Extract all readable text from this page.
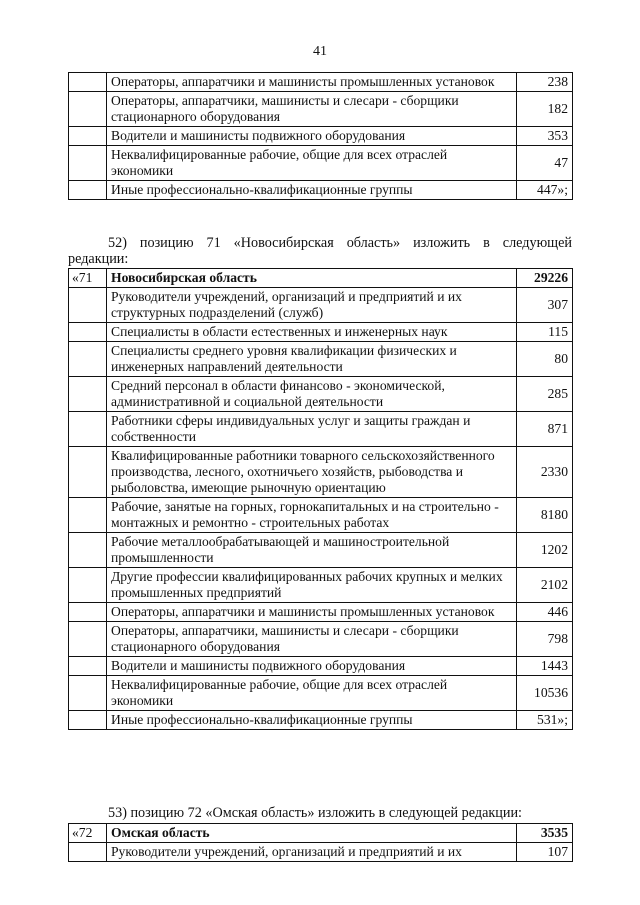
41
	Операторы, аппаратчики и машинисты промышленных установок	238
	Операторы, аппаратчики, машинисты и слесари - сборщики стационарного оборудования	182
	Водители и машинисты подвижного оборудования	353
	Неквалифицированные рабочие, общие для всех отраслей экономики	47
	Иные профессионально-квалификационные группы	447»;
52) позицию 71 «Новосибирская область» изложить в следующей
редакции:
«71	Новосибирская область	29226
	Руководители учреждений, организаций и предприятий и их структурных подразделений (служб)	307
	Специалисты в области естественных и инженерных наук	115
	Специалисты среднего уровня квалификации физических и инженерных направлений деятельности	80
	Средний персонал в области финансово - экономической, административной и социальной деятельности	285
	Работники сферы индивидуальных услуг и защиты граждан и собственности	871
	Квалифицированные работники товарного сельскохозяйственного производства, лесного, охотничьего хозяйств, рыбоводства и рыболовства, имеющие рыночную ориентацию	2330
	Рабочие, занятые на горных, горнокапитальных и на строительно - монтажных и ремонтно - строительных работах	8180
	Рабочие металлообрабатывающей и машиностроительной промышленности	1202
	Другие профессии квалифицированных рабочих крупных и мелких промышленных предприятий	2102
	Операторы, аппаратчики и машинисты промышленных установок	446
	Операторы, аппаратчики, машинисты и слесари - сборщики стационарного оборудования	798
	Водители и машинисты подвижного оборудования	1443
	Неквалифицированные рабочие, общие для всех отраслей экономики	10536
	Иные профессионально-квалификационные группы	531»;
53) позицию 72 «Омская область» изложить в следующей редакции:
«72	Омская область	3535
	Руководители учреждений, организаций и предприятий и их	107
